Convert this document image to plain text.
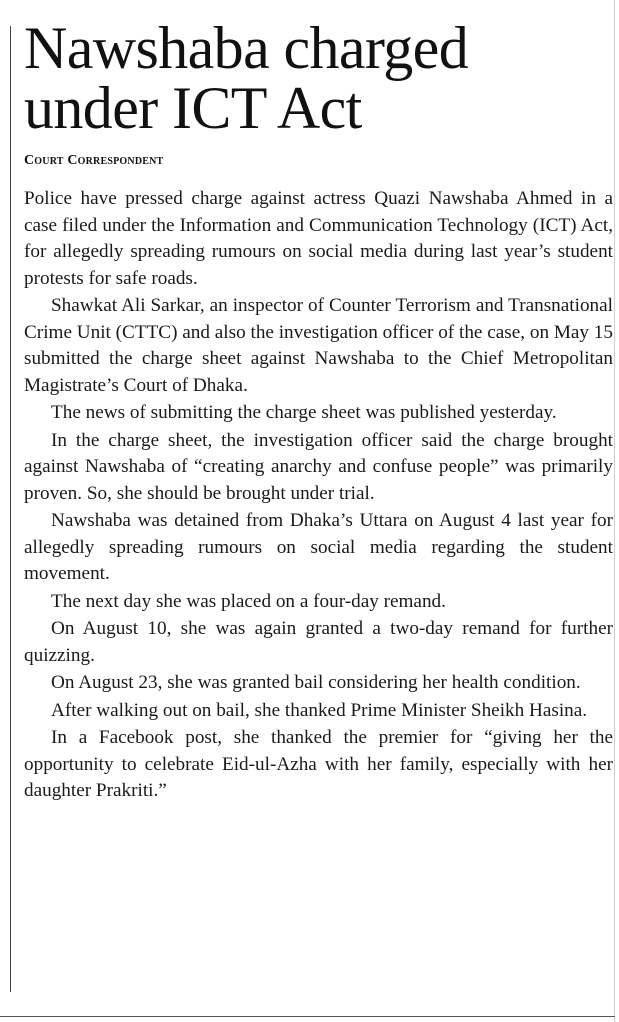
Nawshaba charged under ICT Act
Court Correspondent

Police have pressed charge against actress Quazi Nawshaba Ahmed in a case filed under the Information and Communication Technology (ICT) Act, for allegedly spreading rumours on social media during last year’s student protests for safe roads.

Shawkat Ali Sarkar, an inspector of Counter Terrorism and Transnational Crime Unit (CTTC) and also the investigation officer of the case, on May 15 submitted the charge sheet against Nawshaba to the Chief Metropolitan Magistrate’s Court of Dhaka.

The news of submitting the charge sheet was published yesterday.

In the charge sheet, the investigation officer said the charge brought against Nawshaba of “creating anarchy and confuse people” was primarily proven. So, she should be brought under trial.

Nawshaba was detained from Dhaka’s Uttara on August 4 last year for allegedly spreading rumours on social media regarding the student movement.

The next day she was placed on a four-day remand.

On August 10, she was again granted a two-day remand for further quizzing.

On August 23, she was granted bail considering her health condition.

After walking out on bail, she thanked Prime Minister Sheikh Hasina.

In a Facebook post, she thanked the premier for “giving her the opportunity to celebrate Eid-ul-Azha with her family, especially with her daughter Prakriti.”
